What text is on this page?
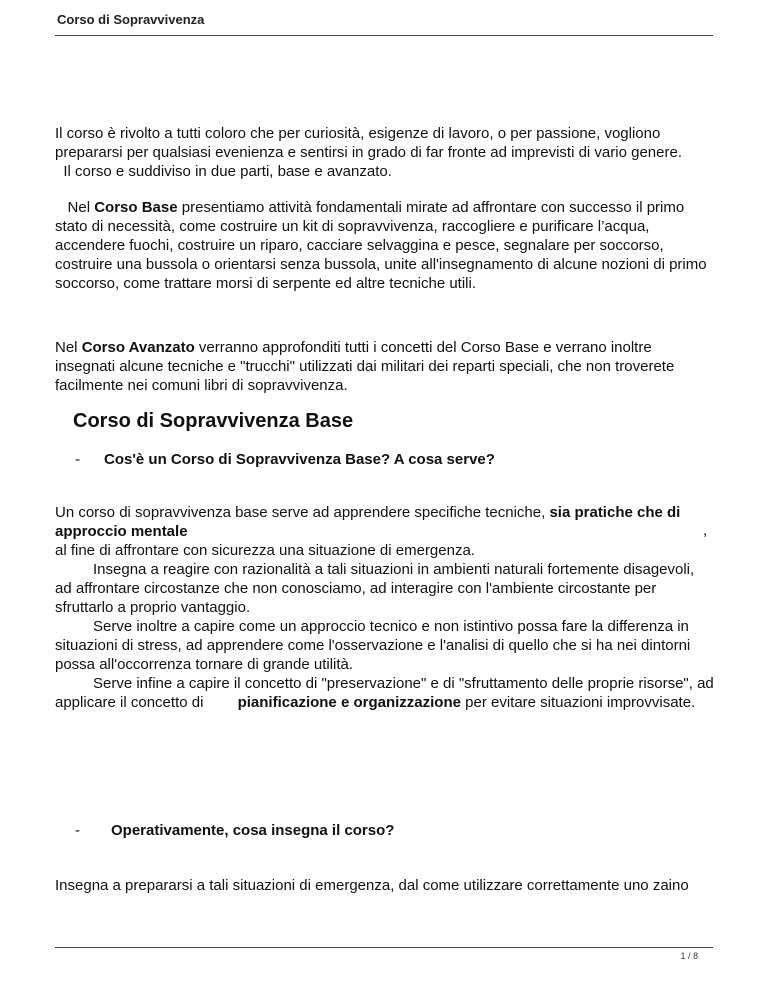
Corso di Sopravvivenza
Il corso è rivolto a tutti coloro che per curiosità, esigenze di lavoro, o per passione, vogliono prepararsi per qualsiasi evenienza e sentirsi in grado di far fronte ad imprevisti di vario genere.
Il corso e suddiviso in due parti, base e avanzato.
Nel Corso Base presentiamo attività fondamentali mirate ad affrontare con successo il primo stato di necessità, come costruire un kit di sopravvivenza, raccogliere e purificare l’acqua, accendere fuochi, costruire un riparo, cacciare selvaggina e pesce, segnalare per soccorso, costruire una bussola o orientarsi senza bussola, unite all'insegnamento di alcune nozioni di primo soccorso, come trattare morsi di serpente ed altre tecniche utili.
Nel Corso Avanzato verranno approfonditi tutti i concetti del Corso Base e verrano inoltre insegnati alcune tecniche e "trucchi" utilizzati dai militari dei reparti speciali, che non troverete facilmente nei comuni libri di sopravvivenza.
Corso di Sopravvivenza Base
- Cos'è un Corso di Sopravvivenza Base? A cosa serve?
Un corso di sopravvivenza base serve ad apprendere specifiche tecniche, sia pratiche che di approccio mentale
al fine di affrontare con sicurezza una situazione di emergenza.
Insegna a reagire con razionalità a tali situazioni in ambienti naturali fortemente disagevoli, ad affrontare circostanze che non conosciamo, ad interagire con l'ambiente circostante per sfruttarlo a proprio vantaggio.
Serve inoltre a capire come un approccio tecnico e non istintivo possa fare la differenza in situazioni di stress, ad apprendere come l'osservazione e l'analisi di quello che si ha nei dintorni possa all'occorrenza tornare di grande utilità.
Serve infine a capire il concetto di "preservazione" e di "sfruttamento delle proprie risorse", ad applicare il concetto di pianificazione e organizzazione per evitare situazioni improvvisate.
,
- Operativamente, cosa insegna il corso?
Insegna a prepararsi a tali situazioni di emergenza, dal come utilizzare correttamente uno zaino
1 / 8
